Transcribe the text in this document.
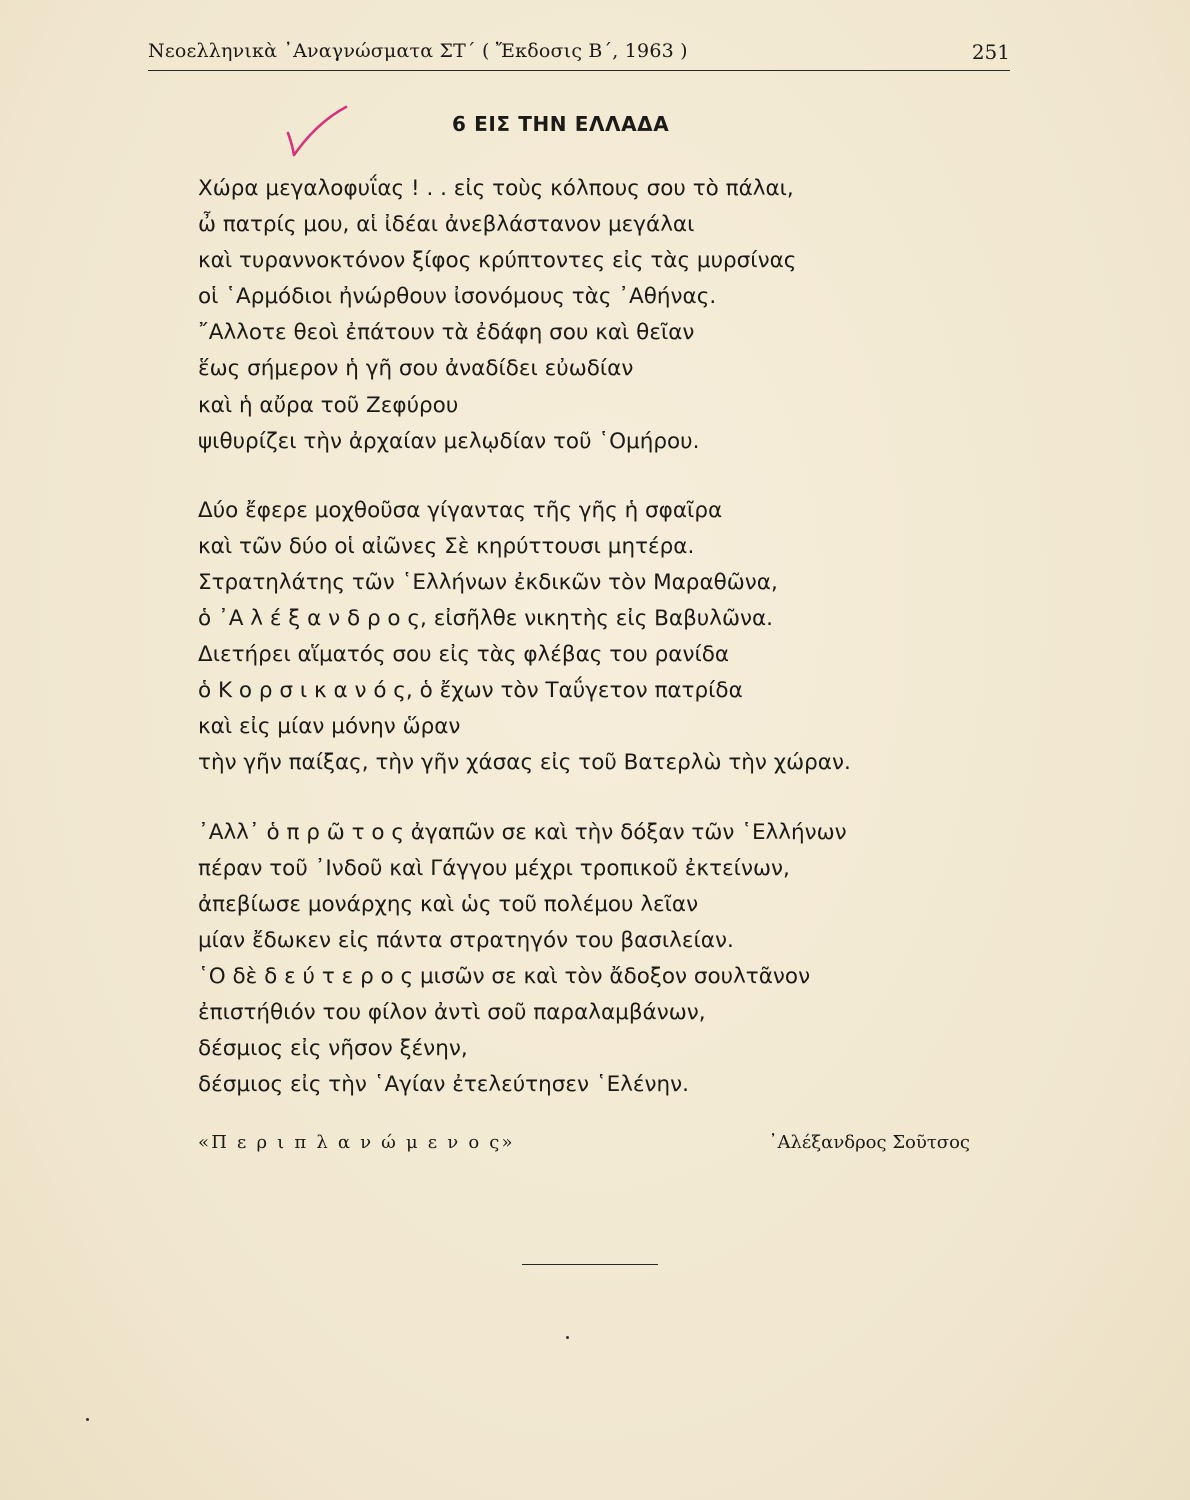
Νεοελληνικὰ ᾿Αναγνώσματα ΣΤ΄ ( Ἔκδοσις Β΄, 1963 )	251
6 ΕΙΣ ΤΗΝ ΕΛΛΑΔΑ
Χώρα μεγαλοφυΐας ! . . εἰς τοὺς κόλπους σου τὸ πάλαι,
ὦ πατρίς μου, αἱ ἰδέαι ἀνεβλάστανον μεγάλαι
καὶ τυραννοκτόνον ξίφος κρύπτοντες εἰς τὰς μυρσίνας
οἱ ῾Αρμόδιοι ἠνώρθουν ἰσονόμους τὰς ᾿Αθήνας.
῎Αλλοτε θεοὶ ἐπάτουν τὰ ἐδάφη σου καὶ θεῖαν
ἕως σήμερον ἡ γῆ σου ἀναδίδει εὐωδίαν
καὶ ἡ αὔρα τοῦ Ζεφύρου
ψιθυρίζει τὴν ἀρχαίαν μελῳδίαν τοῦ ῾Ομήρου.
Δύο ἔφερε μοχθοῦσα γίγαντας τῆς γῆς ἡ σφαῖρα
καὶ τῶν δύο οἱ αἰῶνες Σὲ κηρύττουσι μητέρα.
Στρατηλάτης τῶν ῾Ελλήνων ἐκδικῶν τὸν Μαραθῶνα,
ὁ ᾿Α λ έ ξ α ν δ ρ ο ς, εἰσῆλθε νικητὴς εἰς Βαβυλῶνα.
Διετήρει αἵματός σου εἰς τὰς φλέβας του ρανίδα
ὁ Κ ο ρ σ ι κ α ν ό ς, ὁ ἔχων τὸν Ταΰγετον πατρίδα
καὶ εἰς μίαν μόνην ὥραν
τὴν γῆν παίξας, τὴν γῆν χάσας εἰς τοῦ Βατερλὼ τὴν χώραν.
᾿Αλλ᾿ ὁ π ρ ῶ τ ο ς ἀγαπῶν σε καὶ τὴν δόξαν τῶν ῾Ελλήνων
πέραν τοῦ ᾿Ινδοῦ καὶ Γάγγου μέχρι τροπικοῦ ἐκτείνων,
ἀπεβίωσε μονάρχης καὶ ὡς τοῦ πολέμου λεῖαν
μίαν ἔδωκεν εἰς πάντα στρατηγόν του βασιλείαν.
῾Ο δὲ δ ε ύ τ ε ρ ο ς μισῶν σε καὶ τὸν ἄδοξον σουλτᾶνον
ἐπιστήθιόν του φίλον ἀντὶ σοῦ παραλαμβάνων,
δέσμιος εἰς νῆσον ξένην,
δέσμιος εἰς τὴν ῾Αγίαν ἐτελεύτησεν ῾Ελένην.
«Π ε ρ ι π λ α ν ώ μ ε ν ο ς»	᾿Αλέξανδρος Σοῦτσος
